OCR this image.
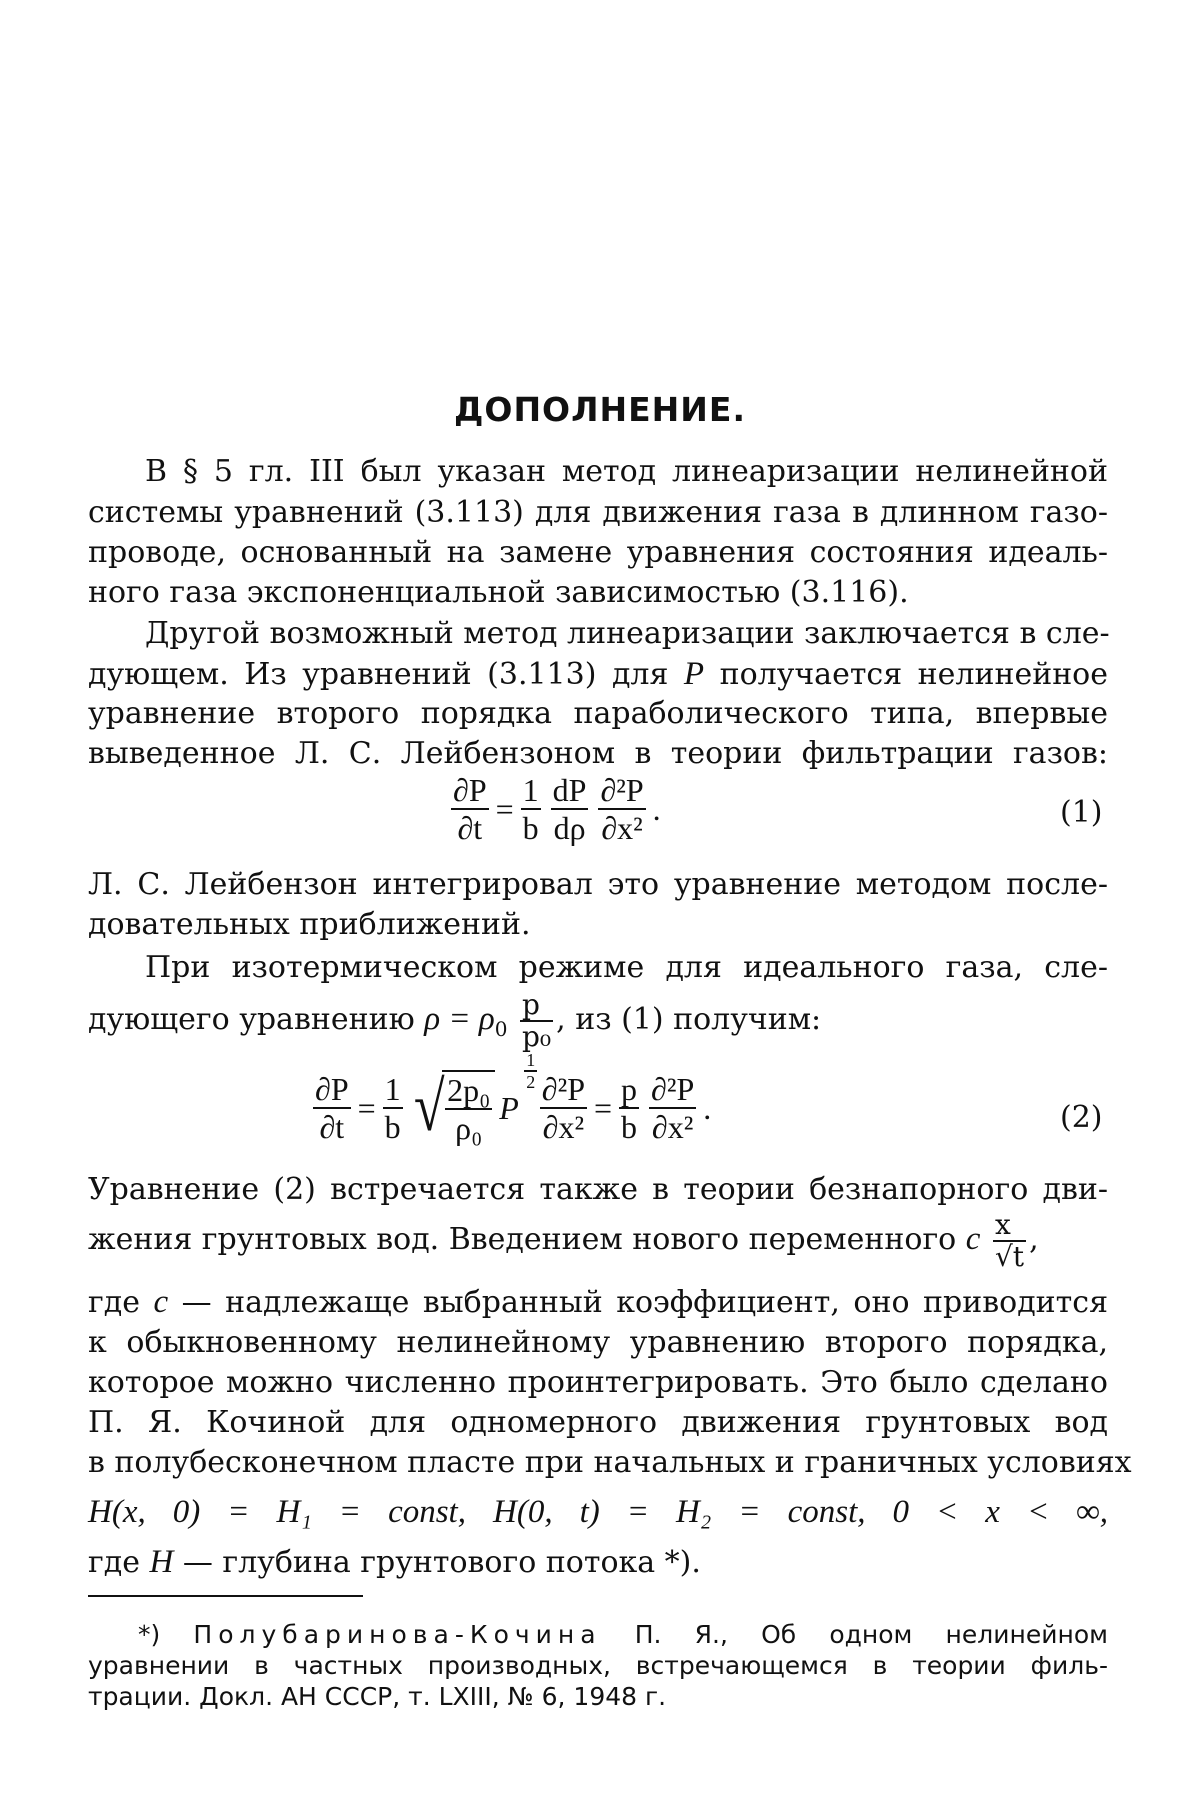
ДОПОЛНЕНИЕ.
В § 5 гл. III был указан метод линеаризации нелинейной
системы уравнений (3.113) для движения газа в длинном газо-
проводе, основанный на замене уравнения состояния идеаль-
ного газа экспоненциальной зависимостью (3.116).
Другой возможный метод линеаризации заключается в сле-
дующем. Из уравнений (3.113) для P получается нелинейное
уравнение второго порядка параболического типа, впервые
выведенное Л. С. Лейбензоном в теории фильтрации газов:
$\frac{\partial P}{\partial t} = \frac{1}{b} \frac{dP}{d\rho} \frac{\text{∂²P}}{\text{∂x²}}$ .	(1)
Л. С. Лейбензон интегрировал это уравнение методом после-
довательных приближений.
При изотермическом режиме для идеального газа, сле-
дующего уравнению $\rho = \rho_0 \frac{p}{\text{p₀}}$ , из (1) получим:
$\frac{\partial P}{\partial t} = \frac{1}{b}$ √ $\frac{\text{2p₀}}{\text{ρ₀}}$ P
$\frac{1}{2}$
$\frac{\text{∂²P}}{\text{∂x²}} = \frac{p}{b} \frac{\text{∂²P}}{\text{∂x²}}$ .	(2)
Уравнение (2) встречается также в теории безнапорного дви-
жения грунтовых вод. Введением нового переменного c $\frac{x}{√t}$ ,
где c — надлежаще выбранный коэффициент, оно приводится
к обыкновенному нелинейному уравнению второго порядка,
которое можно численно проинтегрировать. Это было сделано
П. Я. Кочиной для одномерного движения грунтовых вод
в полубесконечном пласте при начальных и граничных условиях
H(x, 0) = H₁ = const, H(0, t) = H₂ = const, 0 < x < ∞,
где H — глубина грунтового потока *).
*) Полубаринова-Кочина П. Я., Об одном нелинейном
уравнении в частных производных, встречающемся в теории филь-
трации. Докл. АН СССР, т. LXIII, № 6, 1948 г.
